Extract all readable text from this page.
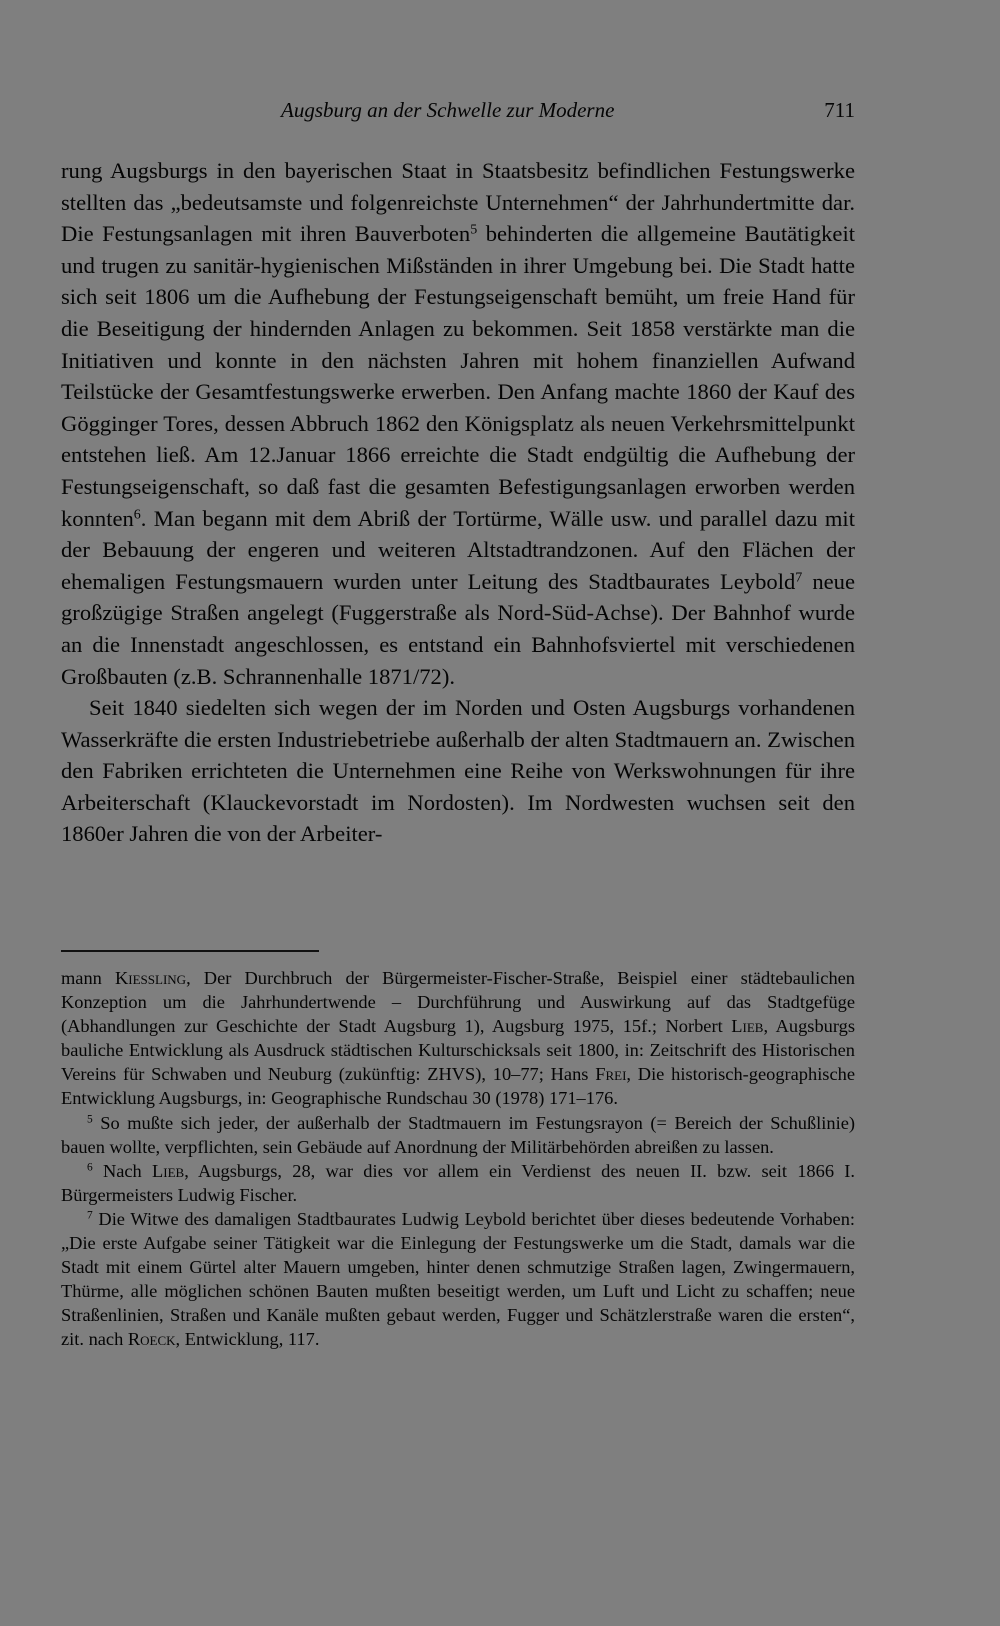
Augsburg an der Schwelle zur Moderne	711

rung Augsburgs in den bayerischen Staat in Staatsbesitz befindlichen Festungswerke stellten das „bedeutsamste und folgenreichste Unternehmen“ der Jahrhundertmitte dar. Die Festungsanlagen mit ihren Bauverboten$^5$ behinderten die allgemeine Bautätigkeit und trugen zu sanitär-hygienischen Mißständen in ihrer Umgebung bei. Die Stadt hatte sich seit 1806 um die Aufhebung der Festungseigenschaft bemüht, um freie Hand für die Beseitigung der hindernden Anlagen zu bekommen. Seit 1858 verstärkte man die Initiativen und konnte in den nächsten Jahren mit hohem finanziellen Aufwand Teilstücke der Gesamtfestungswerke erwerben. Den Anfang machte 1860 der Kauf des Gögginger Tores, dessen Abbruch 1862 den Königsplatz als neuen Verkehrsmittelpunkt entstehen ließ. Am 12.Januar 1866 erreichte die Stadt endgültig die Aufhebung der Festungseigenschaft, so daß fast die gesamten Befestigungsanlagen erworben werden konnten$^6$. Man begann mit dem Abriß der Tortürme, Wälle usw. und parallel dazu mit der Bebauung der engeren und weiteren Altstadtrandzonen. Auf den Flächen der ehemaligen Festungsmauern wurden unter Leitung des Stadtbaurates Leybold$^7$ neue großzügige Straßen angelegt (Fuggerstraße als Nord-Süd-Achse). Der Bahnhof wurde an die Innenstadt angeschlossen, es entstand ein Bahnhofsviertel mit verschiedenen Großbauten (z.B. Schrannenhalle 1871/72).

Seit 1840 siedelten sich wegen der im Norden und Osten Augsburgs vorhandenen Wasserkräfte die ersten Industriebetriebe außerhalb der alten Stadtmauern an. Zwischen den Fabriken errichteten die Unternehmen eine Reihe von Werkswohnungen für ihre Arbeiterschaft (Klauckevorstadt im Nordosten). Im Nordwesten wuchsen seit den 1860er Jahren die von der Arbeiter-

mann Kiessling, Der Durchbruch der Bürgermeister-Fischer-Straße, Beispiel einer städtebaulichen Konzeption um die Jahrhundertwende – Durchführung und Auswirkung auf das Stadtgefüge (Abhandlungen zur Geschichte der Stadt Augsburg 1), Augsburg 1975, 15f.; Norbert Lieb, Augsburgs bauliche Entwicklung als Ausdruck städtischen Kulturschicksals seit 1800, in: Zeitschrift des Historischen Vereins für Schwaben und Neuburg (zukünftig: ZHVS), 10–77; Hans Frei, Die historisch-geographische Entwicklung Augsburgs, in: Geographische Rundschau 30 (1978) 171–176.

$^5$ So mußte sich jeder, der außerhalb der Stadtmauern im Festungsrayon (= Bereich der Schußlinie) bauen wollte, verpflichten, sein Gebäude auf Anordnung der Militärbehörden abreißen zu lassen.

$^6$ Nach Lieb, Augsburgs, 28, war dies vor allem ein Verdienst des neuen II. bzw. seit 1866 I. Bürgermeisters Ludwig Fischer.

$^7$ Die Witwe des damaligen Stadtbaurates Ludwig Leybold berichtet über dieses bedeutende Vorhaben: „Die erste Aufgabe seiner Tätigkeit war die Einlegung der Festungswerke um die Stadt, damals war die Stadt mit einem Gürtel alter Mauern umgeben, hinter denen schmutzige Straßen lagen, Zwingermauern, Thürme, alle möglichen schönen Bauten mußten beseitigt werden, um Luft und Licht zu schaffen; neue Straßenlinien, Straßen und Kanäle mußten gebaut werden, Fugger und Schätzlerstraße waren die ersten“, zit. nach Roeck, Entwicklung, 117.
